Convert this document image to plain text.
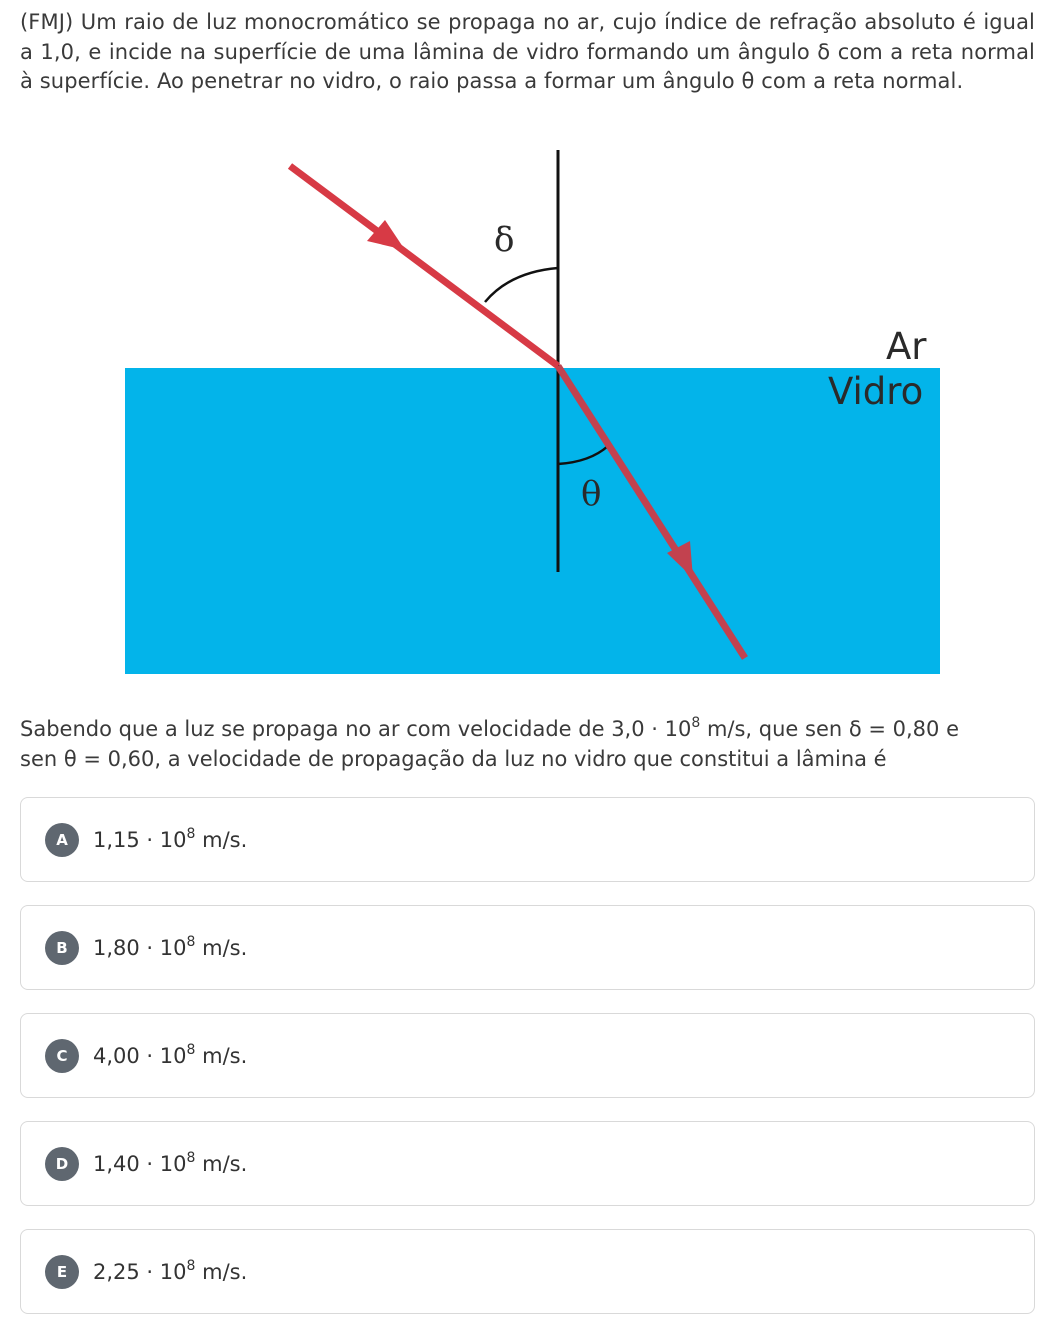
(FMJ) Um raio de luz monocromático se propaga no ar, cujo índice de refração absoluto é igual a 1,0, e incide na superfície de uma lâmina de vidro formando um ângulo δ com a reta normal à superfície. Ao penetrar no vidro, o raio passa a formar um ângulo θ com a reta normal.

δ
θ
Ar
Vidro

Sabendo que a luz se propaga no ar com velocidade de $3,0 \cdot 10^8$ m/s, que sen δ = 0,80 e
sen θ = 0,60, a velocidade de propagação da luz no vidro que constitui a lâmina é

A	$1,15 \cdot 10^8$ m/s.
B	$1,80 \cdot 10^8$ m/s.
C	$4,00 \cdot 10^8$ m/s.
D	$1,40 \cdot 10^8$ m/s.
E	$2,25 \cdot 10^8$ m/s.
